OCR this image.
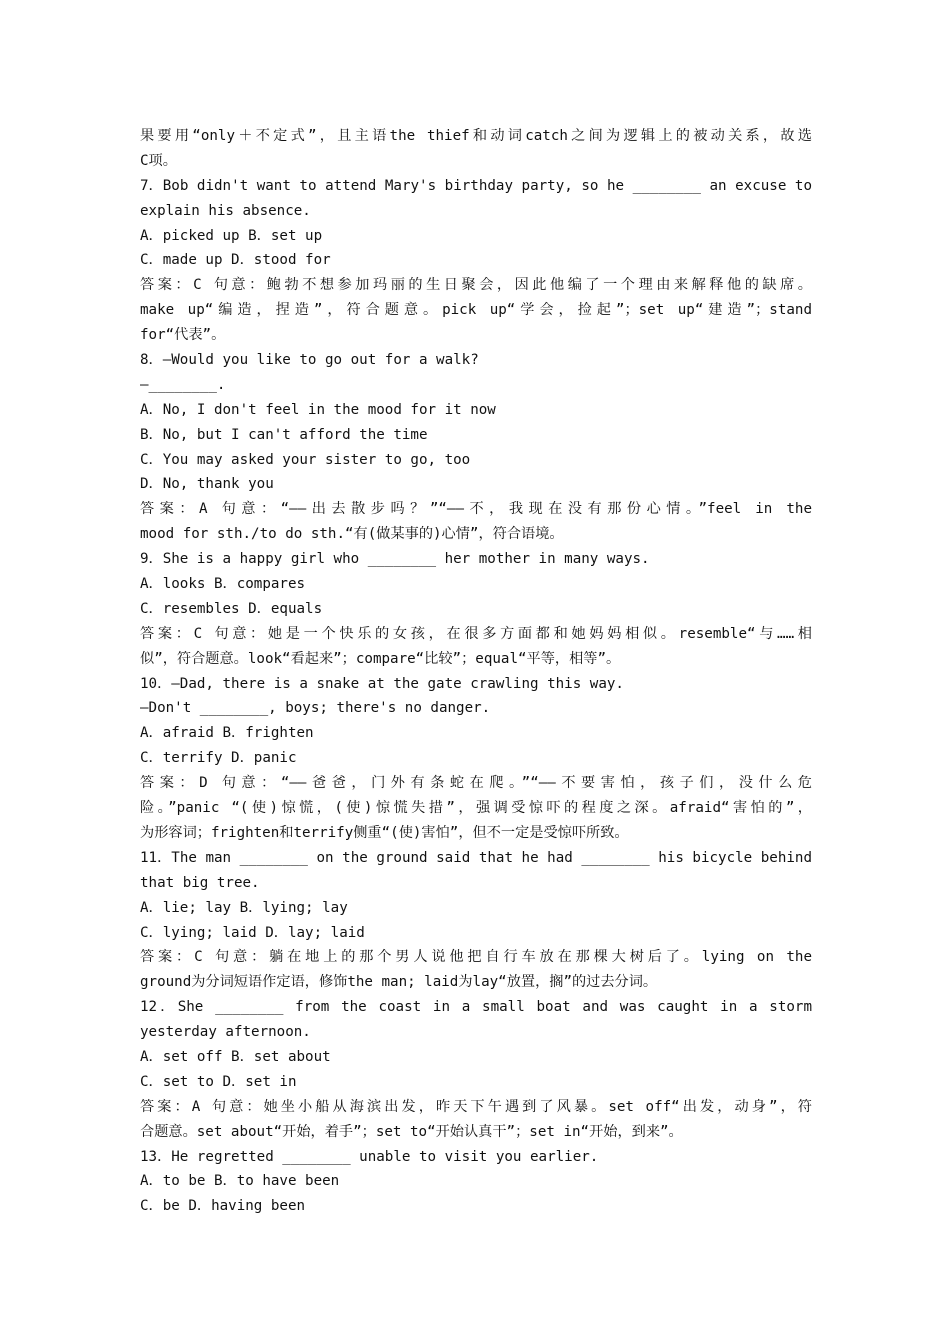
果要用“only＋不定式”，且主语the thief和动词catch之间为逻辑上的被动关系，故选
C项。
7．Bob didn't want to attend Mary's birthday party, so he ________ an excuse to
explain his absence.
A．picked up B．set up
C．made up D．stood for
答案：C 句意：鲍勃不想参加玛丽的生日聚会，因此他编了一个理由来解释他的缺席。
make up“编造，捏造”，符合题意。pick up“学会，捡起”；set up“建造”；stand
for“代表”。
8．—Would you like to go out for a walk?
—________.
A．No, I don't feel in the mood for it now
B．No, but I can't afford the time
C．You may asked your sister to go, too
D．No, thank you
答案：A 句意：“——出去散步吗？”“——不，我现在没有那份心情。”feel in the
mood for sth./to do sth.“有(做某事的)心情”，符合语境。
9．She is a happy girl who ________ her mother in many ways.
A．looks B．compares
C．resembles D．equals
答案：C 句意：她是一个快乐的女孩，在很多方面都和她妈妈相似。resemble“与……相
似”，符合题意。look“看起来”；compare“比较”；equal“平等，相等”。
10．—Dad, there is a snake at the gate crawling this way.
—Don't ________, boys; there's no danger.
A．afraid B．frighten
C．terrify D．panic
答案：D 句意：“——爸爸，门外有条蛇在爬。”“——不要害怕，孩子们，没什么危
险。”panic “(使)惊慌，(使)惊慌失措”，强调受惊吓的程度之深。afraid“害怕的”，
为形容词；frighten和terrify侧重“(使)害怕”，但不一定是受惊吓所致。
11．The man ________ on the ground said that he had ________ his bicycle behind
that big tree.
A．lie; lay B．lying; lay
C．lying; laid D．lay; laid
答案：C 句意：躺在地上的那个男人说他把自行车放在那棵大树后了。lying on the
ground为分词短语作定语，修饰the man; laid为lay“放置，搁”的过去分词。
12．She ________ from the coast in a small boat and was caught in a storm
yesterday afternoon.
A．set off B．set about
C．set to D．set in
答案：A 句意：她坐小船从海滨出发，昨天下午遇到了风暴。set off“出发，动身”，符
合题意。set about“开始，着手”；set to“开始认真干”；set in“开始，到来”。
13．He regretted ________ unable to visit you earlier.
A．to be B．to have been
C．be D．having been
